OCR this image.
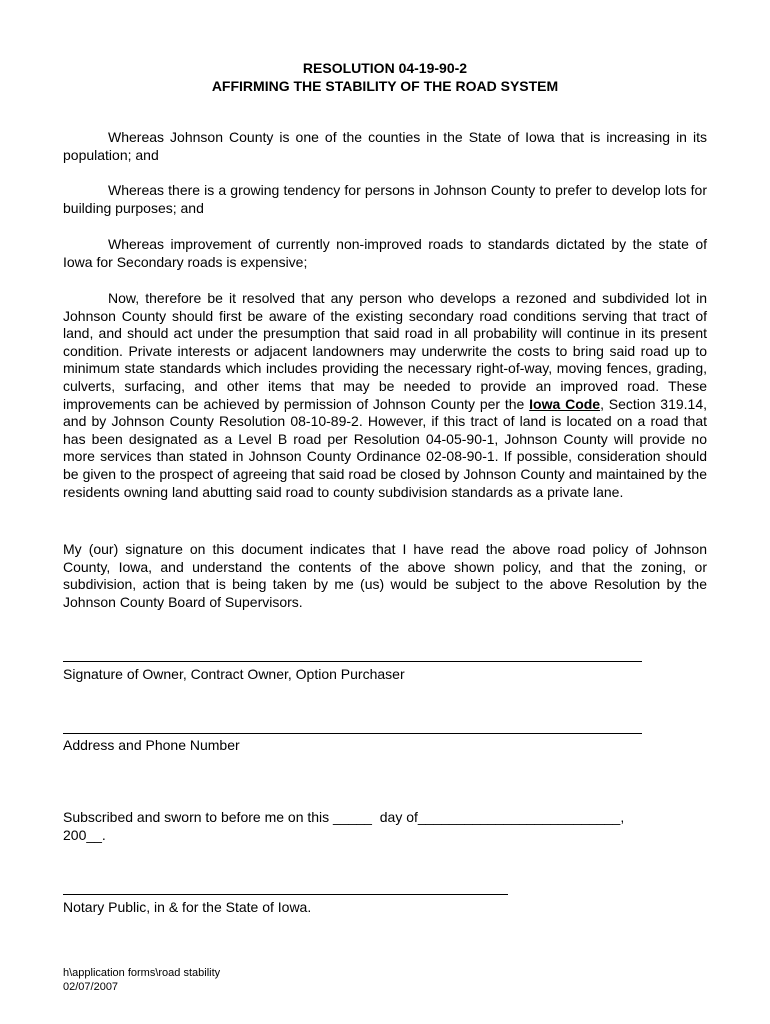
RESOLUTION 04-19-90-2
AFFIRMING THE STABILITY OF THE ROAD SYSTEM

Whereas Johnson County is one of the counties in the State of Iowa that is increasing in its population; and

Whereas there is a growing tendency for persons in Johnson County to prefer to develop lots for building purposes; and

Whereas improvement of currently non-improved roads to standards dictated by the state of Iowa for Secondary roads is expensive;

Now, therefore be it resolved that any person who develops a rezoned and subdivided lot in Johnson County should first be aware of the existing secondary road conditions serving that tract of land, and should act under the presumption that said road in all probability will continue in its present condition. Private interests or adjacent landowners may underwrite the costs to bring said road up to minimum state standards which includes providing the necessary right-of-way, moving fences, grading, culverts, surfacing, and other items that may be needed to provide an improved road. These improvements can be achieved by permission of Johnson County per the Iowa Code, Section 319.14, and by Johnson County Resolution 08-10-89-2. However, if this tract of land is located on a road that has been designated as a Level B road per Resolution 04-05-90-1, Johnson County will provide no more services than stated in Johnson County Ordinance 02-08-90-1. If possible, consideration should be given to the prospect of agreeing that said road be closed by Johnson County and maintained by the residents owning land abutting said road to county subdivision standards as a private lane.

My (our) signature on this document indicates that I have read the above road policy of Johnson County, Iowa, and understand the contents of the above shown policy, and that the zoning, or subdivision, action that is being taken by me (us) would be subject to the above Resolution by the Johnson County Board of Supervisors.

Signature of Owner, Contract Owner, Option Purchaser
Address and Phone Number
Subscribed and sworn to before me on this _____  day of__________________________,
200__.
Notary Public, in & for the State of Iowa.
h\application forms\road stability
02/07/2007
